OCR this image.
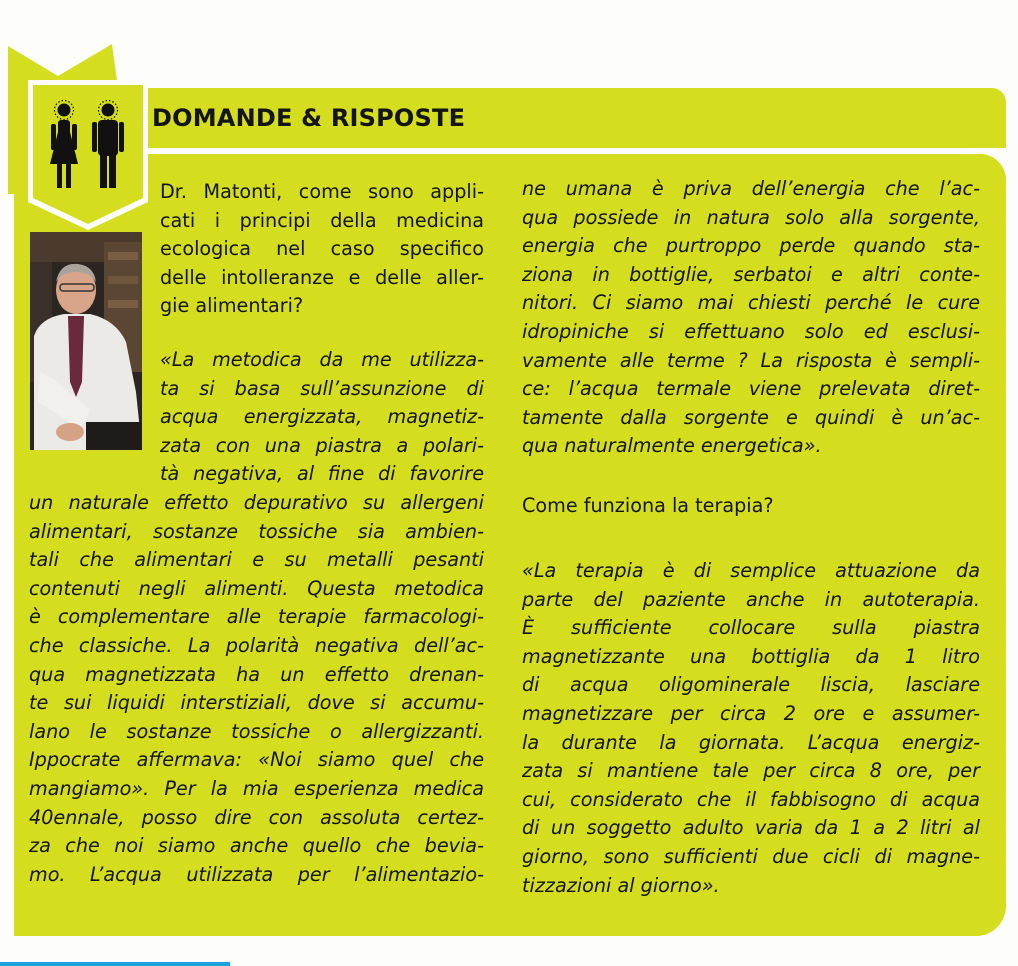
DOMANDE & RISPOSTE
Dr. Matonti, come sono appli-
cati i principi della medicina
ecologica nel caso specifico
delle intolleranze e delle aller-
gie alimentari?
«La metodica da me utilizza-
ta si basa sull’assunzione di
acqua energizzata, magnetiz-
zata con una piastra a polari-
tà negativa, al fine di favorire
un naturale effetto depurativo su allergeni
alimentari, sostanze tossiche sia ambien-
tali che alimentari e su metalli pesanti
contenuti negli alimenti. Questa metodica
è complementare alle terapie farmacologi-
che classiche. La polarità negativa dell’ac-
qua magnetizzata ha un effetto drenan-
te sui liquidi interstiziali, dove si accumu-
lano le sostanze tossiche o allergizzanti.
Ippocrate affermava: «Noi siamo quel che
mangiamo». Per la mia esperienza medica
40ennale, posso dire con assoluta certez-
za che noi siamo anche quello che bevia-
mo. L’acqua utilizzata per l’alimentazio-
ne umana è priva dell’energia che l’ac-
qua possiede in natura solo alla sorgente,
energia che purtroppo perde quando sta-
ziona in bottiglie, serbatoi e altri conte-
nitori. Ci siamo mai chiesti perché le cure
idropiniche si effettuano solo ed esclusi-
vamente alle terme ? La risposta è sempli-
ce: l’acqua termale viene prelevata diret-
tamente dalla sorgente e quindi è un’ac-
qua naturalmente energetica».
Come funziona la terapia?
«La terapia è di semplice attuazione da
parte del paziente anche in autoterapia.
È sufficiente collocare sulla piastra
magnetizzante una bottiglia da 1 litro
di acqua oligominerale liscia, lasciare
magnetizzare per circa 2 ore e assumer-
la durante la giornata. L’acqua energiz-
zata si mantiene tale per circa 8 ore, per
cui, considerato che il fabbisogno di acqua
di un soggetto adulto varia da 1 a 2 litri al
giorno, sono sufficienti due cicli di magne-
tizzazioni al giorno».
